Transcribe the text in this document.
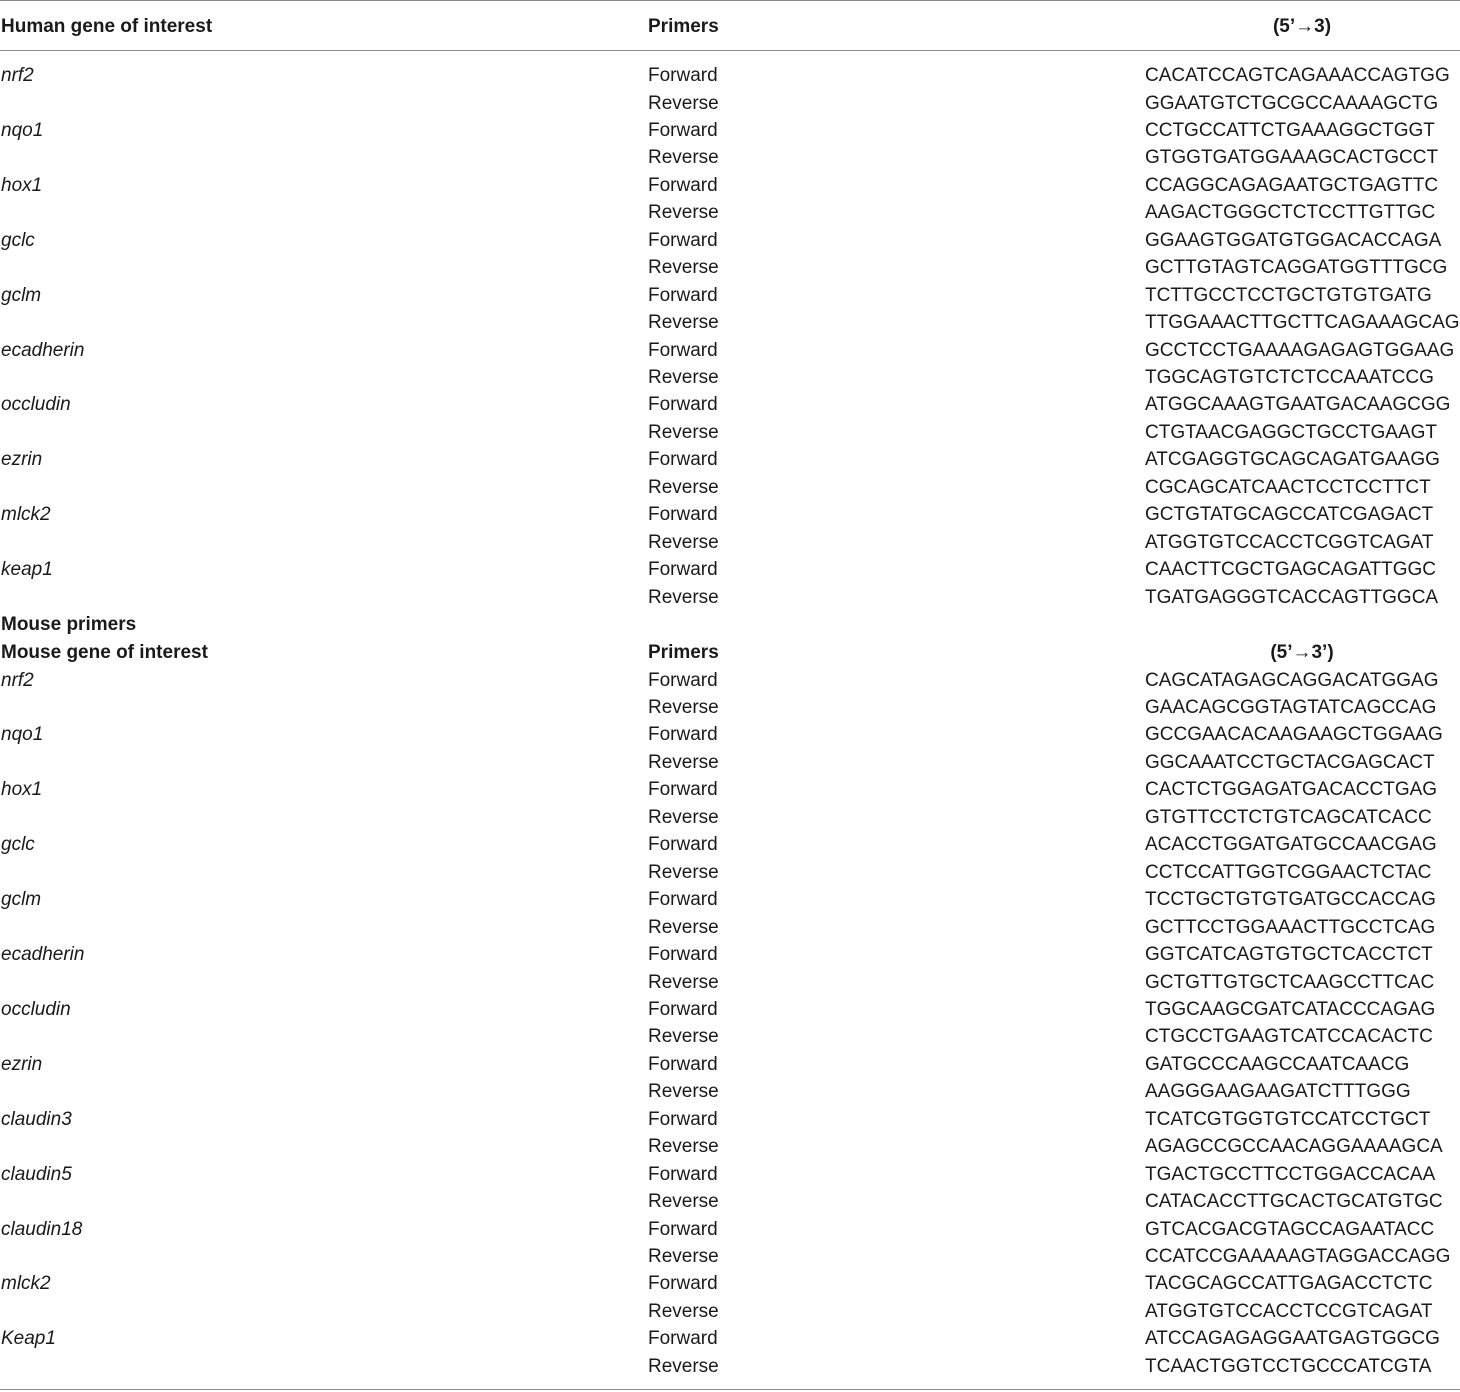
Human gene of interest	Primers	(5’→3)
nrf2	Forward	CACATCCAGTCAGAAACCAGTGG
Reverse	GGAATGTCTGCGCCAAAAGCTG
nqo1	Forward	CCTGCCATTCTGAAAGGCTGGT
Reverse	GTGGTGATGGAAAGCACTGCCT
hox1	Forward	CCAGGCAGAGAATGCTGAGTTC
Reverse	AAGACTGGGCTCTCCTTGTTGC
gclc	Forward	GGAAGTGGATGTGGACACCAGA
Reverse	GCTTGTAGTCAGGATGGTTTGCG
gclm	Forward	TCTTGCCTCCTGCTGTGTGATG
Reverse	TTGGAAACTTGCTTCAGAAAGCAG
ecadherin	Forward	GCCTCCTGAAAAGAGAGTGGAAG
Reverse	TGGCAGTGTCTCTCCAAATCCG
occludin	Forward	ATGGCAAAGTGAATGACAAGCGG
Reverse	CTGTAACGAGGCTGCCTGAAGT
ezrin	Forward	ATCGAGGTGCAGCAGATGAAGG
Reverse	CGCAGCATCAACTCCTCCTTCT
mlck2	Forward	GCTGTATGCAGCCATCGAGACT
Reverse	ATGGTGTCCACCTCGGTCAGAT
keap1	Forward	CAACTTCGCTGAGCAGATTGGC
Reverse	TGATGAGGGTCACCAGTTGGCA
Mouse primers
Mouse gene of interest	Primers	(5’→3’)
nrf2	Forward	CAGCATAGAGCAGGACATGGAG
Reverse	GAACAGCGGTAGTATCAGCCAG
nqo1	Forward	GCCGAACACAAGAAGCTGGAAG
Reverse	GGCAAATCCTGCTACGAGCACT
hox1	Forward	CACTCTGGAGATGACACCTGAG
Reverse	GTGTTCCTCTGTCAGCATCACC
gclc	Forward	ACACCTGGATGATGCCAACGAG
Reverse	CCTCCATTGGTCGGAACTCTAC
gclm	Forward	TCCTGCTGTGTGATGCCACCAG
Reverse	GCTTCCTGGAAACTTGCCTCAG
ecadherin	Forward	GGTCATCAGTGTGCTCACCTCT
Reverse	GCTGTTGTGCTCAAGCCTTCAC
occludin	Forward	TGGCAAGCGATCATACCCAGAG
Reverse	CTGCCTGAAGTCATCCACACTC
ezrin	Forward	GATGCCCAAGCCAATCAACG
Reverse	AAGGGAAGAAGATCTTTGGG
claudin3	Forward	TCATCGTGGTGTCCATCCTGCT
Reverse	AGAGCCGCCAACAGGAAAAGCA
claudin5	Forward	TGACTGCCTTCCTGGACCACAA
Reverse	CATACACCTTGCACTGCATGTGC
claudin18	Forward	GTCACGACGTAGCCAGAATACC
Reverse	CCATCCGAAAAAGTAGGACCAGG
mlck2	Forward	TACGCAGCCATTGAGACCTCTC
Reverse	ATGGTGTCCACCTCCGTCAGAT
Keap1	Forward	ATCCAGAGAGGAATGAGTGGCG
Reverse	TCAACTGGTCCTGCCCATCGTA
